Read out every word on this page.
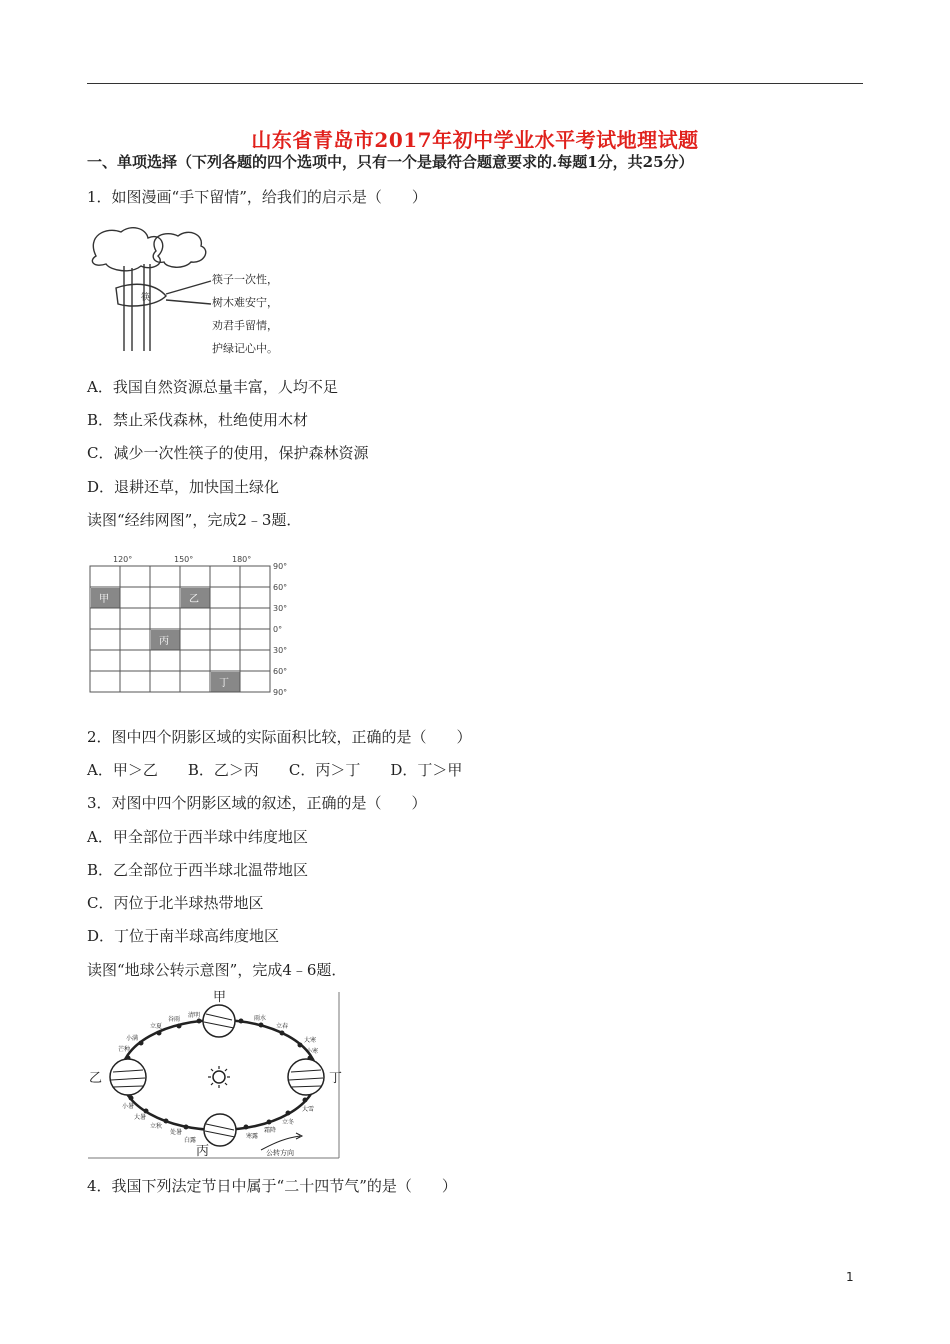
山东省青岛市2017年初中学业水平考试地理试题
一、单项选择（下列各题的四个选项中，只有一个是最符合题意要求的.每题1分，共25分）
1．如图漫画“手下留情”，给我们的启示是（　　）
筷
筷子一次性，
树木难安宁，
劝君手留情，
护绿记心中。
A．我国自然资源总量丰富，人均不足
B．禁止采伐森林，杜绝使用木材
C．减少一次性筷子的使用，保护森林资源
D．退耕还草，加快国土绿化
读图“经纬网图”，完成2﹣3题．
120°	150°	180°
90°
60°
30°
0°
30°
60°
90°
甲	乙
丙
丁
2．图中四个阴影区域的实际面积比较，正确的是（　　）
A．甲＞乙　　B．乙＞丙　　C．丙＞丁　　D．丁＞甲
3．对图中四个阴影区域的叙述，正确的是（　　）
A．甲全部位于西半球中纬度地区
B．乙全部位于西半球北温带地区
C．丙位于北半球热带地区
D．丁位于南半球高纬度地区
读图“地球公转示意图”，完成4﹣6题．
甲
乙
丙
丁
立夏
谷雨
清明	雨水
立春
小满
芒种
大寒
小寒
小暑
大暑
立秋
处暑
白露
寒露
霜降
立冬
大雪
公转方向
4．我国下列法定节日中属于“二十四节气”的是（　　）
1
